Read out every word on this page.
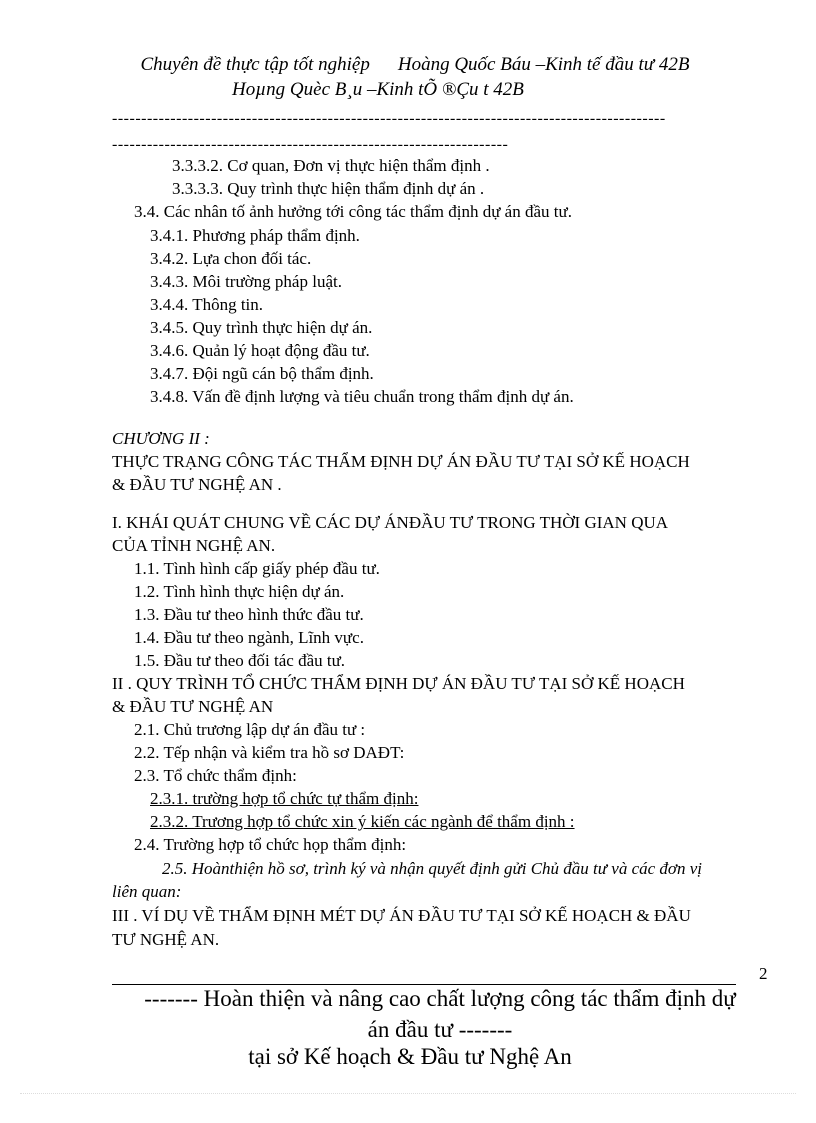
Chuyên đề thực tập tốt nghiệp Hoàng Quốc Báu –Kinh tế đầu tư 42B
Hoµng Quèc B¸u –Kinh tÕ ®Çu t 42B
-----------------------------------------------------------------------------------------------
--------------------------------------------------------------------
3.3.3.2. Cơ quan, Đơn vị thực hiện thẩm định .
3.3.3.3. Quy trình thực hiện thẩm định dự án .
3.4. Các nhân tố ảnh hưởng tới công tác thẩm định dự án đầu tư.
3.4.1. Phương pháp thẩm định.
3.4.2. Lựa chon đối tác.
3.4.3. Môi trường pháp luật.
3.4.4. Thông tin.
3.4.5. Quy trình thực hiện dự án.
3.4.6. Quản lý hoạt động đầu tư.
3.4.7. Đội ngũ cán bộ thẩm định.
3.4.8. Vấn đề định lượng và tiêu chuẩn trong thẩm định dự án.
CHƯƠNG II :
THỰC TRẠNG CÔNG TÁC THẨM ĐỊNH DỰ ÁN ĐẦU TƯ TẠI SỞ KẾ HOẠCH
& ĐẦU TƯ NGHỆ AN .
I. KHÁI QUÁT CHUNG VỀ CÁC DỰ ÁNĐẦU TƯ TRONG THỜI GIAN QUA
CỦA TỈNH NGHỆ AN.
1.1. Tình hình cấp giấy phép đầu tư.
1.2. Tình hình thực hiện dự án.
1.3. Đầu tư theo hình thức đầu tư.
1.4. Đầu tư theo ngành, Lĩnh vực.
1.5. Đầu tư theo đối tác đầu tư.
II . QUY TRÌNH TỔ CHỨC THẨM ĐỊNH DỰ ÁN ĐẦU TƯ TẠI SỞ KẾ HOẠCH
& ĐẦU TƯ NGHỆ AN
2.1. Chủ trương lập dự án đầu tư :
2.2. Tếp nhận và kiểm tra hồ sơ DAĐT:
2.3. Tổ chức thẩm định:
2.3.1. trường hợp tổ chức tự thẩm định:
2.3.2. Trương hợp tổ chức xin ý kiến các ngành để thẩm định :
2.4. Trường hợp tổ chức họp thẩm định:
2.5. Hoànthiện hồ sơ, trình ký và nhận quyết định gửi Chủ đầu tư và các đơn vị
liên quan:
III . VÍ DỤ VỀ THẨM ĐỊNH MÉT DỰ ÁN ĐẦU TƯ TẠI SỞ KẾ HOẠCH & ĐẦU
TƯ NGHỆ AN.
2
------- Hoàn thiện và nâng cao chất lượng công tác thẩm định dự
án đầu tư -------
tại sở Kế hoạch & Đầu tư Nghệ An
